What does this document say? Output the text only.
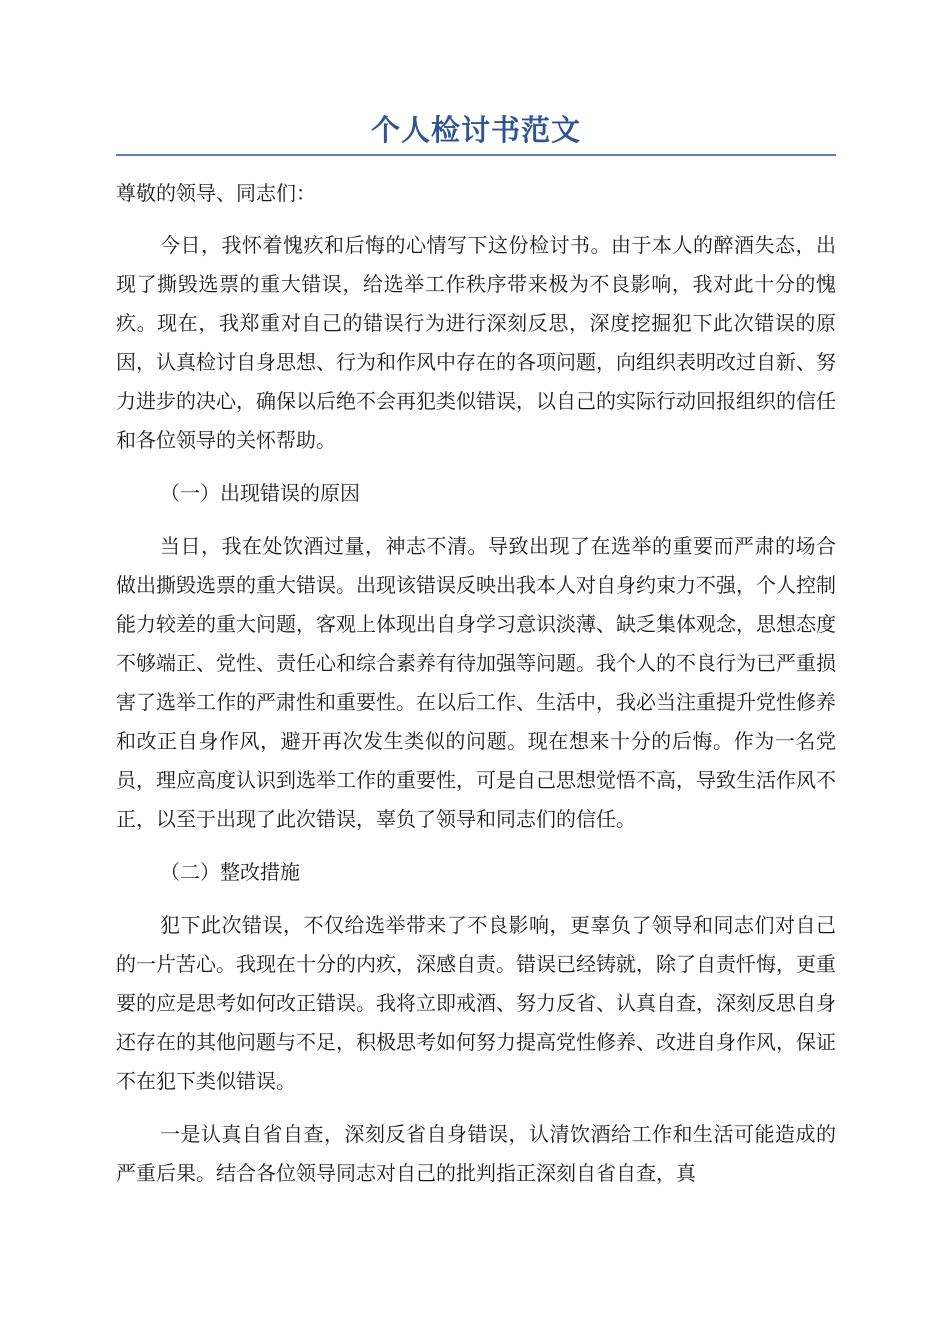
个人检讨书范文

尊敬的领导、同志们：

今日，我怀着愧疚和后悔的心情写下这份检讨书。由于本人的醉酒失态，出现了撕毁选票的重大错误，给选举工作秩序带来极为不良影响，我对此十分的愧疚。现在，我郑重对自己的错误行为进行深刻反思，深度挖掘犯下此次错误的原因，认真检讨自身思想、行为和作风中存在的各项问题，向组织表明改过自新、努力进步的决心，确保以后绝不会再犯类似错误，以自己的实际行动回报组织的信任和各位领导的关怀帮助。

（一）出现错误的原因

当日，我在处饮酒过量，神志不清。导致出现了在选举的重要而严肃的场合做出撕毁选票的重大错误。出现该错误反映出我本人对自身约束力不强，个人控制能力较差的重大问题，客观上体现出自身学习意识淡薄、缺乏集体观念，思想态度不够端正、党性、责任心和综合素养有待加强等问题。我个人的不良行为已严重损害了选举工作的严肃性和重要性。在以后工作、生活中，我必当注重提升党性修养和改正自身作风，避开再次发生类似的问题。现在想来十分的后悔。作为一名党员，理应高度认识到选举工作的重要性，可是自己思想觉悟不高，导致生活作风不正，以至于出现了此次错误，辜负了领导和同志们的信任。

（二）整改措施

犯下此次错误，不仅给选举带来了不良影响，更辜负了领导和同志们对自己的一片苦心。我现在十分的内疚，深感自责。错误已经铸就，除了自责忏悔，更重要的应是思考如何改正错误。我将立即戒酒、努力反省、认真自查，深刻反思自身还存在的其他问题与不足，积极思考如何努力提高党性修养、改进自身作风，保证不在犯下类似错误。

一是认真自省自查，深刻反省自身错误，认清饮酒给工作和生活可能造成的严重后果。结合各位领导同志对自己的批判指正深刻自省自查，真
